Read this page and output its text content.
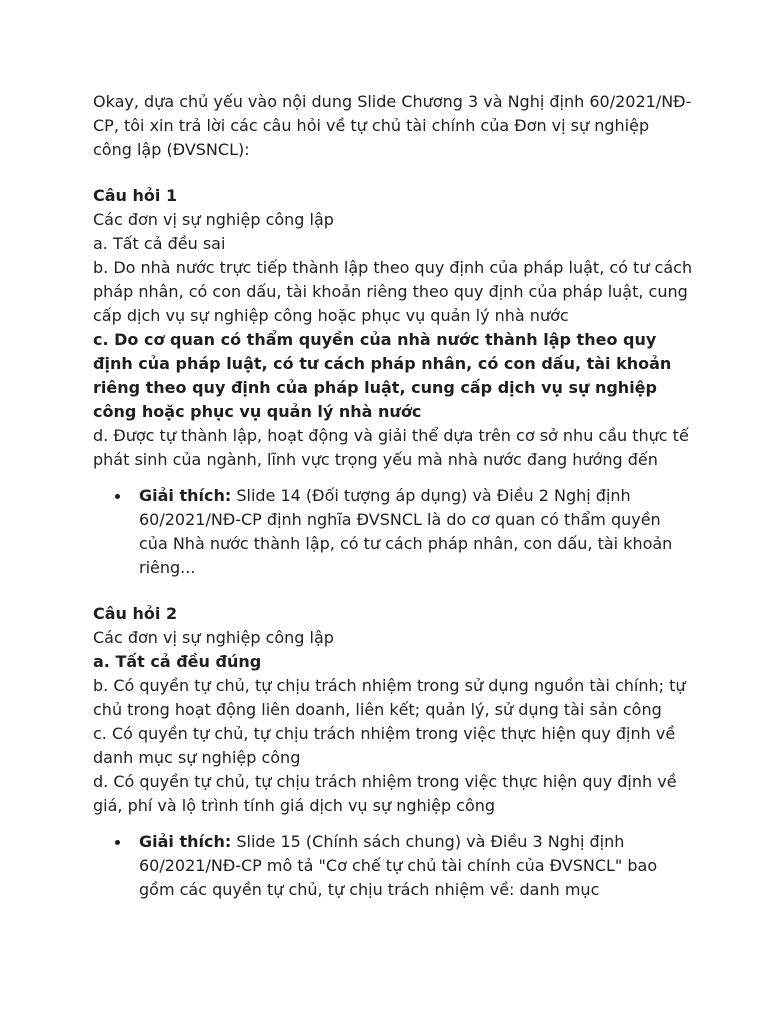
Okay, dựa chủ yếu vào nội dung Slide Chương 3 và Nghị định 60/2021/NĐ-CP, tôi xin trả lời các câu hỏi về tự chủ tài chính của Đơn vị sự nghiệp công lập (ĐVSNCL):

Câu hỏi 1
Các đơn vị sự nghiệp công lập
a. Tất cả đều sai
b. Do nhà nước trực tiếp thành lập theo quy định của pháp luật, có tư cách pháp nhân, có con dấu, tài khoản riêng theo quy định của pháp luật, cung cấp dịch vụ sự nghiệp công hoặc phục vụ quản lý nhà nước
c. Do cơ quan có thẩm quyền của nhà nước thành lập theo quy định của pháp luật, có tư cách pháp nhân, có con dấu, tài khoản riêng theo quy định của pháp luật, cung cấp dịch vụ sự nghiệp công hoặc phục vụ quản lý nhà nước
d. Được tự thành lập, hoạt động và giải thể dựa trên cơ sở nhu cầu thực tế phát sinh của ngành, lĩnh vực trọng yếu mà nhà nước đang hướng đến
Giải thích: Slide 14 (Đối tượng áp dụng) và Điều 2 Nghị định 60/2021/NĐ-CP định nghĩa ĐVSNCL là do cơ quan có thẩm quyền của Nhà nước thành lập, có tư cách pháp nhân, con dấu, tài khoản riêng...
Câu hỏi 2
Các đơn vị sự nghiệp công lập
a. Tất cả đều đúng
b. Có quyền tự chủ, tự chịu trách nhiệm trong sử dụng nguồn tài chính; tự chủ trong hoạt động liên doanh, liên kết; quản lý, sử dụng tài sản công
c. Có quyền tự chủ, tự chịu trách nhiệm trong việc thực hiện quy định về danh mục sự nghiệp công
d. Có quyền tự chủ, tự chịu trách nhiệm trong việc thực hiện quy định về giá, phí và lộ trình tính giá dịch vụ sự nghiệp công
Giải thích: Slide 15 (Chính sách chung) và Điều 3 Nghị định 60/2021/NĐ-CP mô tả "Cơ chế tự chủ tài chính của ĐVSNCL" bao gồm các quyền tự chủ, tự chịu trách nhiệm về: danh mục
